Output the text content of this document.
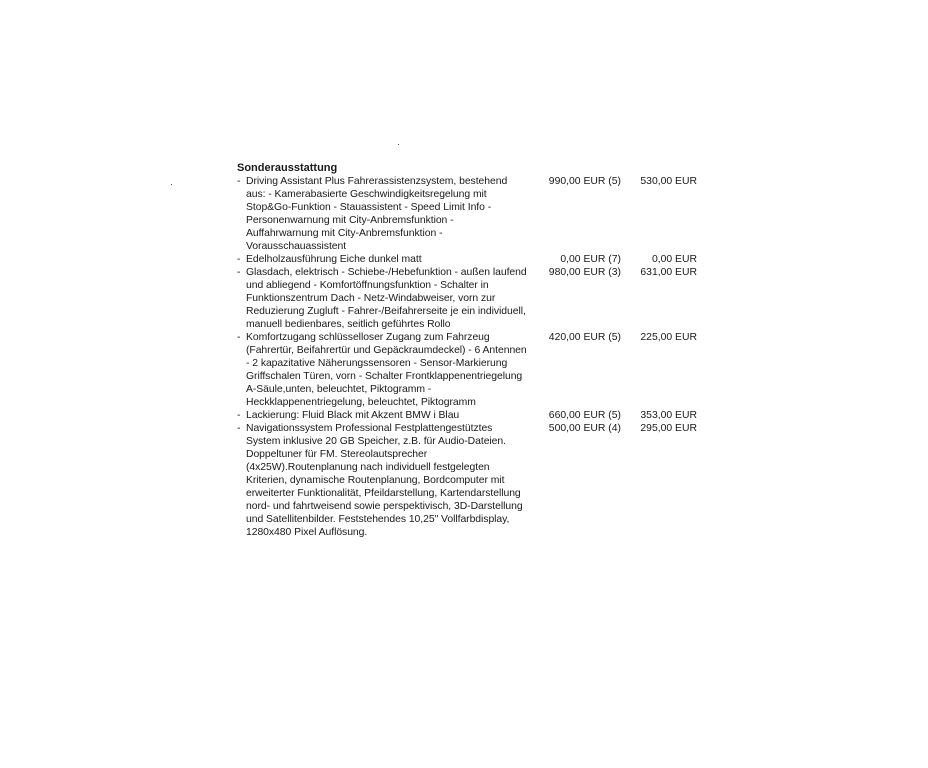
Sonderausstattung
- Driving Assistant Plus Fahrerassistenzsystem, bestehend
aus: - Kamerabasierte Geschwindigkeitsregelung mit
Stop&Go-Funktion - Stauassistent - Speed Limit Info -
Personenwarnung mit City-Anbremsfunktion -
Auffahrwarnung mit City-Anbremsfunktion -
Vorausschauassistent
990,00 EUR (5) 530,00 EUR
- Edelholzausführung Eiche dunkel matt	0,00 EUR (7)	0,00 EUR
- Glasdach, elektrisch - Schiebe-/Hebefunktion - außen laufend
und abliegend - Komfortöffnungsfunktion - Schalter in
Funktionszentrum Dach - Netz-Windabweiser, vorn zur
Reduzierung Zugluft - Fahrer-/Beifahrerseite je ein individuell,
manuell bedienbares, seitlich geführtes Rollo
980,00 EUR (3) 631,00 EUR
- Komfortzugang schlüsselloser Zugang zum Fahrzeug
(Fahrertür, Beifahrertür und Gepäckraumdeckel) - 6 Antennen
- 2 kapazitative Näherungssensoren - Sensor-Markierung
Griffschalen Türen, vorn - Schalter Frontklappenentriegelung
A-Säule,unten, beleuchtet, Piktogramm -
Heckklappenentriegelung, beleuchtet, Piktogramm
420,00 EUR (5) 225,00 EUR
- Lackierung: Fluid Black mit Akzent BMW i Blau	660,00 EUR (5) 353,00 EUR
- Navigationssystem Professional Festplattengestütztes
System inklusive 20 GB Speicher, z.B. für Audio-Dateien.
Doppeltuner für FM. Stereolautsprecher
(4x25W).Routenplanung nach individuell festgelegten
Kriterien, dynamische Routenplanung, Bordcomputer mit
erweiterter Funktionalität, Pfeildarstellung, Kartendarstellung
nord- und fahrtweisend sowie perspektivisch, 3D-Darstellung
und Satellitenbilder. Feststehendes 10,25" Vollfarbdisplay,
1280x480 Pixel Auflösung.
500,00 EUR (4) 295,00 EUR
